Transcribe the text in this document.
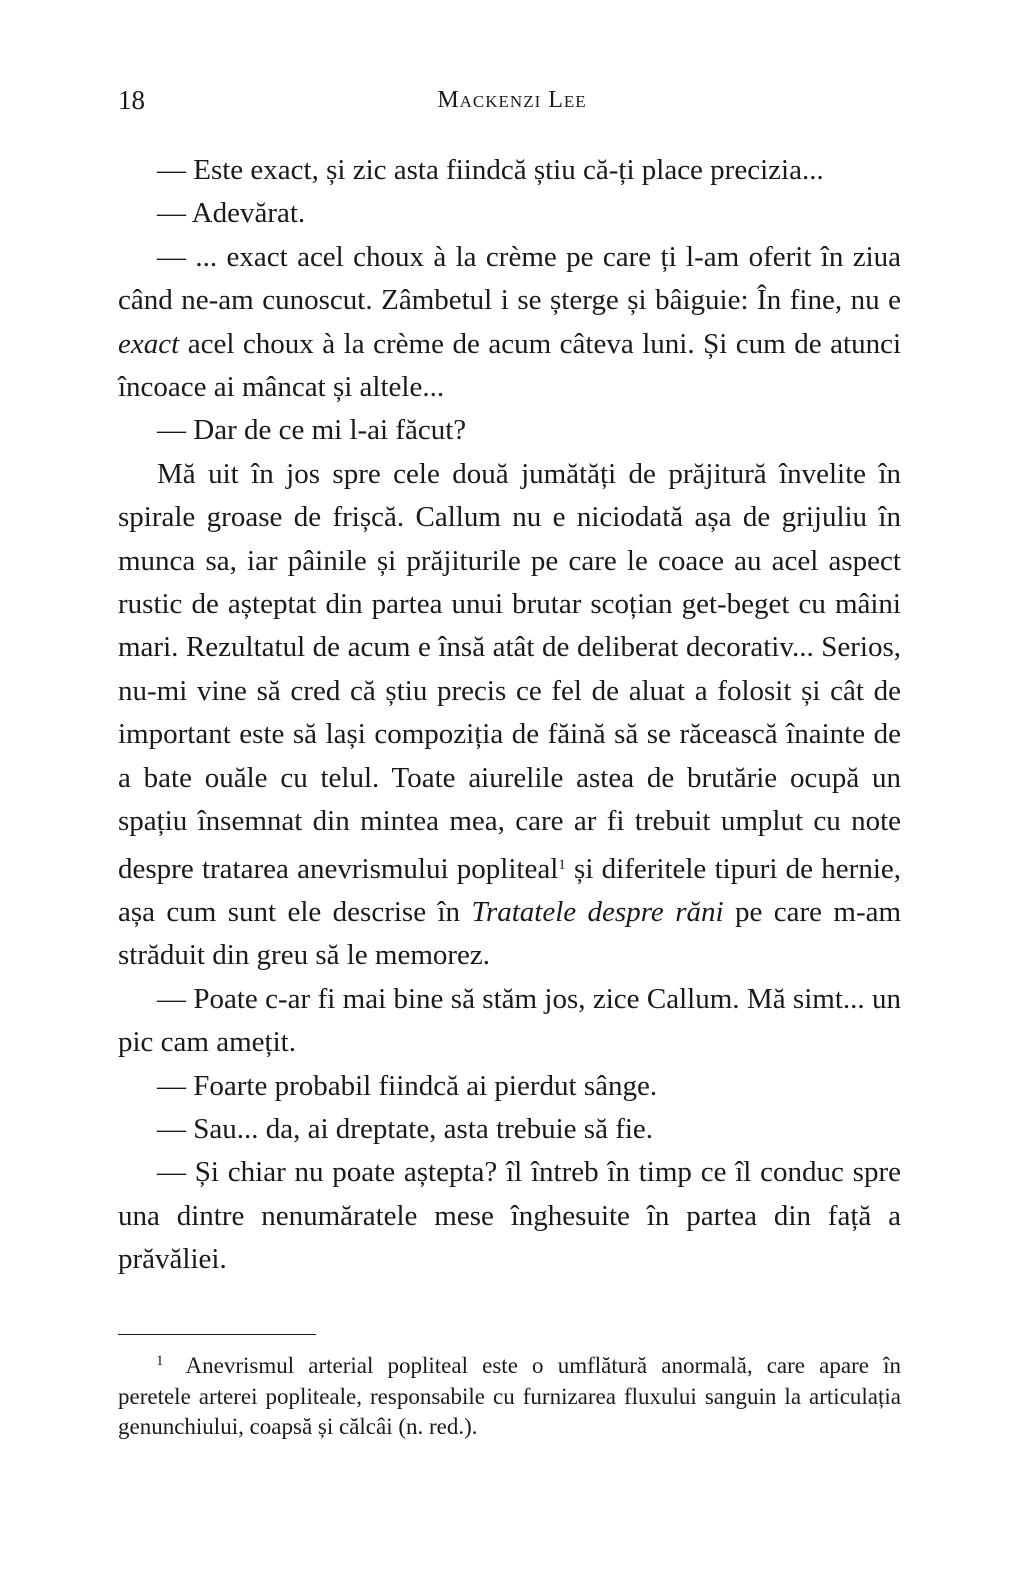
18	Mackenzi Lee

— Este exact, și zic asta fiindcă știu că-ți place precizia...

— Adevărat.

— ... exact acel choux à la crème pe care ți l-am oferit în ziua când ne-am cunoscut. Zâmbetul i se șterge și bâiguie: În fine, nu e exact acel choux à la crème de acum câteva luni. Și cum de atunci încoace ai mâncat și altele...

— Dar de ce mi l-ai făcut?

Mă uit în jos spre cele două jumătăți de prăjitură învelite în spirale groase de frișcă. Callum nu e niciodată așa de grijuliu în munca sa, iar pâinile și prăjiturile pe care le coace au acel aspect rustic de așteptat din partea unui brutar scoțian get-beget cu mâini mari. Rezultatul de acum e însă atât de deliberat decorativ... Serios, nu-mi vine să cred că știu precis ce fel de aluat a folosit și cât de important este să lași compoziția de făină să se răcească înainte de a bate ouăle cu telul. Toate aiurelile astea de brutărie ocupă un spațiu însemnat din mintea mea, care ar fi trebuit umplut cu note despre tratarea anevrismului popliteal$^1$ și diferitele tipuri de hernie, așa cum sunt ele descrise în Tratatele despre răni pe care m-am străduit din greu să le memorez.

— Poate c-ar fi mai bine să stăm jos, zice Callum. Mă simt... un pic cam amețit.

— Foarte probabil fiindcă ai pierdut sânge.

— Sau... da, ai dreptate, asta trebuie să fie.

— Și chiar nu poate aștepta? îl întreb în timp ce îl conduc spre una dintre nenumăratele mese înghesuite în partea din față a prăvăliei.

$^1$ Anevrismul arterial popliteal este o umflătură anormală, care apare în peretele arterei popliteale, responsabile cu furnizarea fluxului sanguin la articulația genunchiului, coapsă și călcâi (n. red.).
